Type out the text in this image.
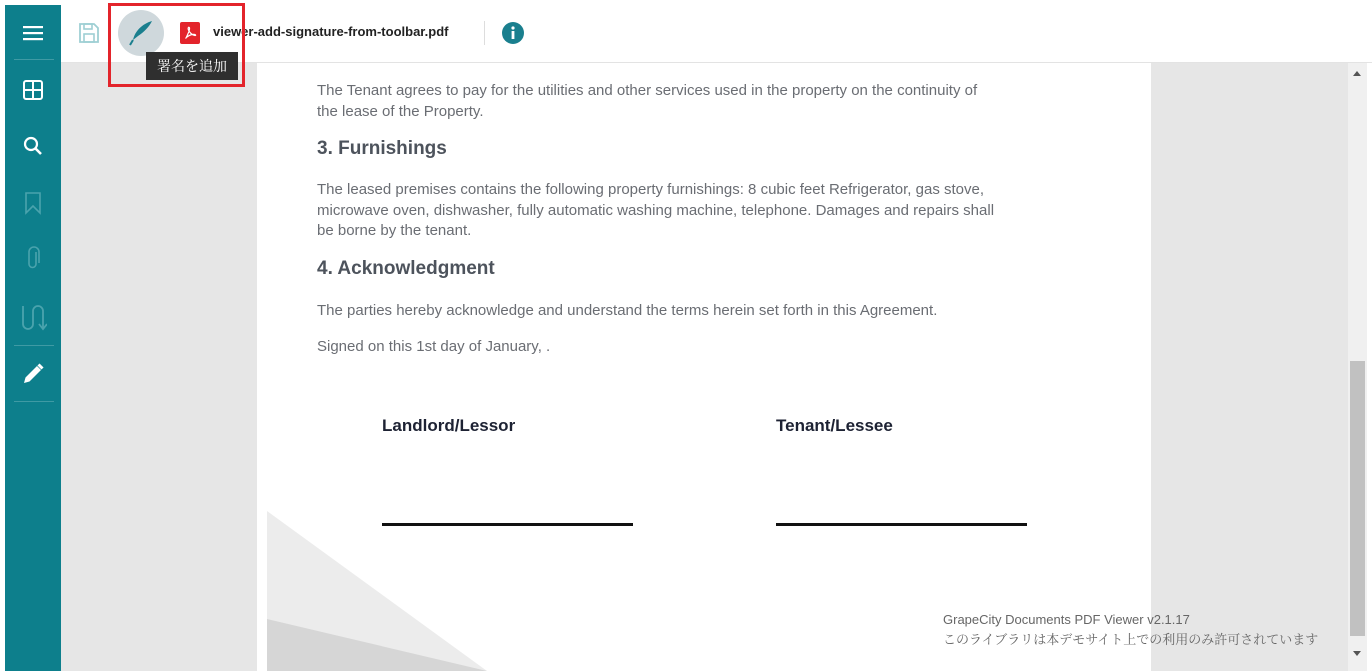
viewer-add-signature-from-toolbar.pdf

The Tenant agrees to pay for the utilities and other services used in the property on the continuity of
the lease of the Property.

3. Furnishings

The leased premises contains the following property furnishings: 8 cubic feet Refrigerator, gas stove,
microwave oven, dishwasher, fully automatic washing machine, telephone. Damages and repairs shall
be borne by the tenant.

4. Acknowledgment

The parties hereby acknowledge and understand the terms herein set forth in this Agreement.

Signed on this 1st day of January, .

Landlord/Lessor	Tenant/Lessee
GrapeCity Documents PDF Viewer v2.1.17
このライブラリは本デモサイト上での利用のみ許可されています
署名を追加
